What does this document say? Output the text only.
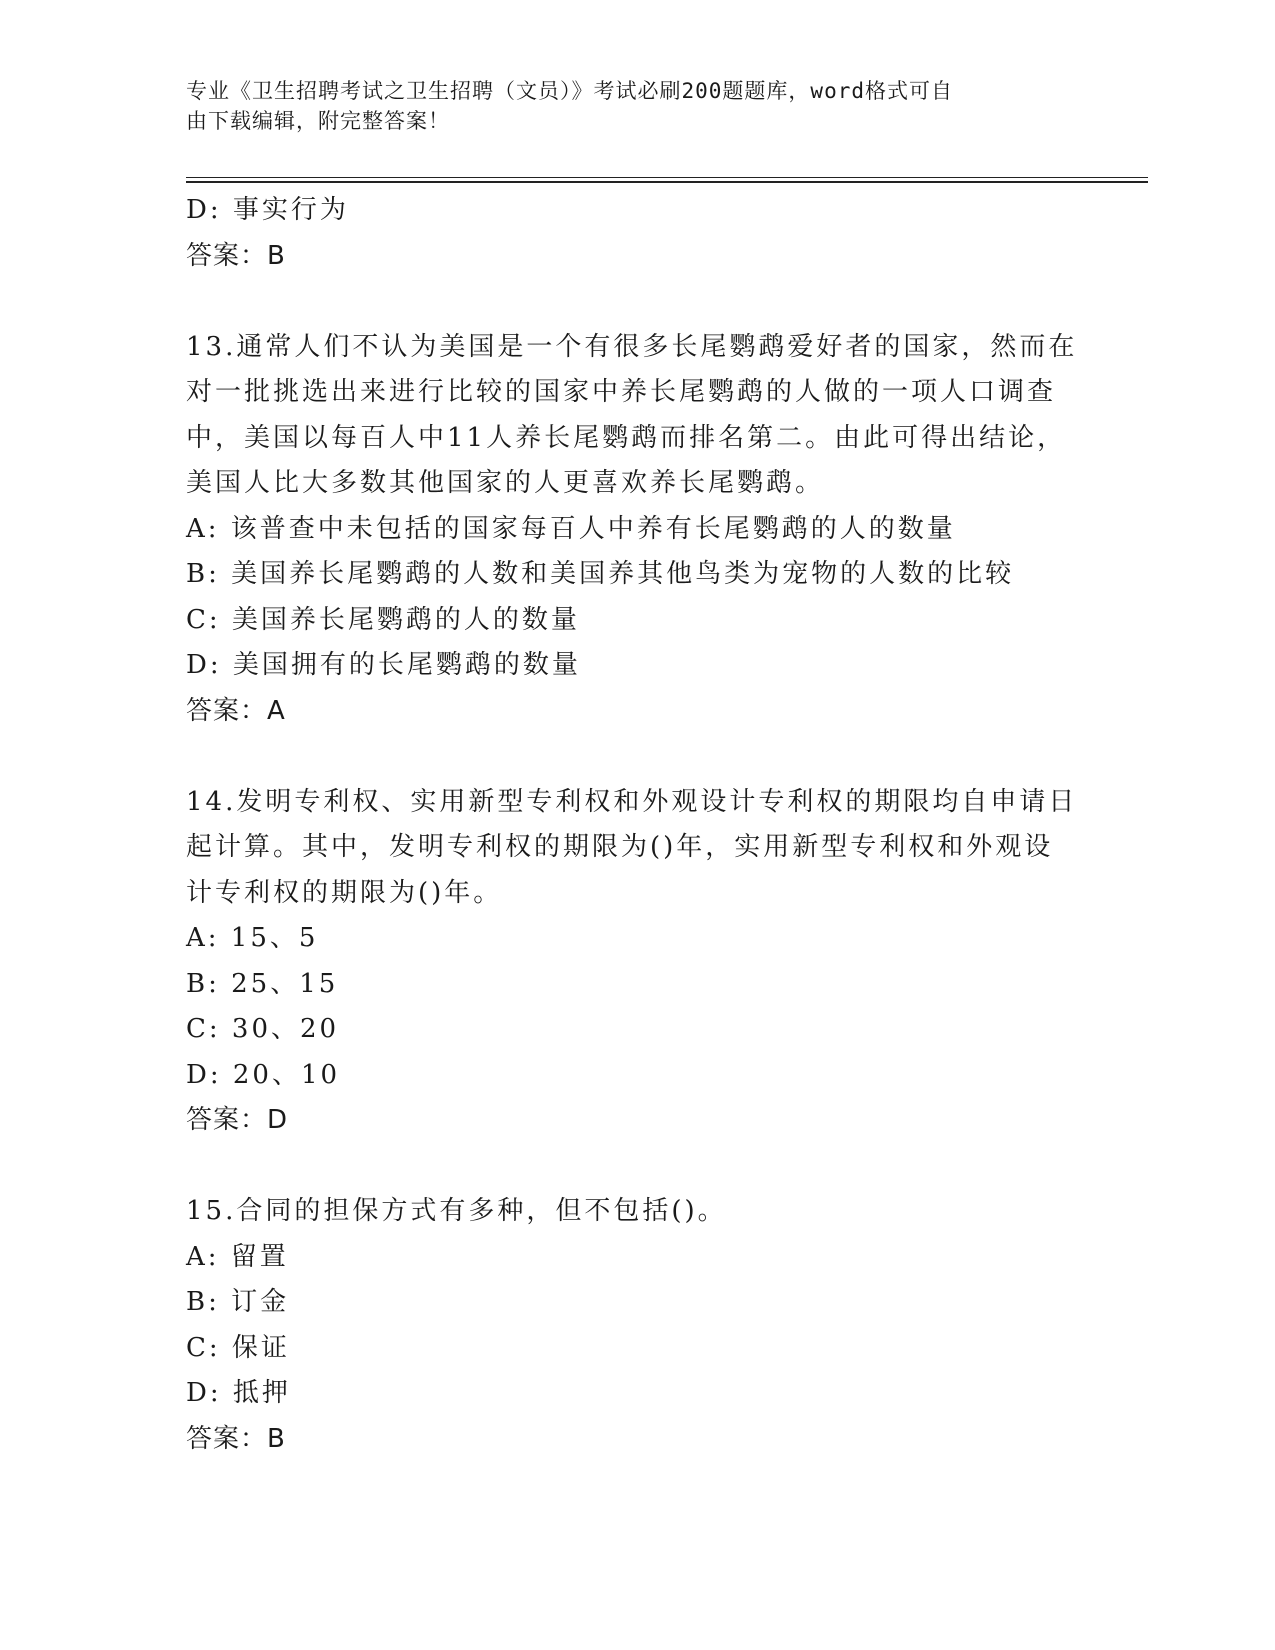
专业《卫生招聘考试之卫生招聘（文员）》考试必刷200题题库，word格式可自
由下载编辑，附完整答案！
D: 事实行为
答案：B
13.通常人们不认为美国是一个有很多长尾鹦鹉爱好者的国家，然而在
对一批挑选出来进行比较的国家中养长尾鹦鹉的人做的一项人口调查
中，美国以每百人中11人养长尾鹦鹉而排名第二。由此可得出结论，
美国人比大多数其他国家的人更喜欢养长尾鹦鹉。
A: 该普查中未包括的国家每百人中养有长尾鹦鹉的人的数量
B: 美国养长尾鹦鹉的人数和美国养其他鸟类为宠物的人数的比较
C: 美国养长尾鹦鹉的人的数量
D: 美国拥有的长尾鹦鹉的数量
答案：A
14.发明专利权、实用新型专利权和外观设计专利权的期限均自申请日
起计算。其中，发明专利权的期限为()年，实用新型专利权和外观设
计专利权的期限为()年。
A: 15、5
B: 25、15
C: 30、20
D: 20、10
答案：D
15.合同的担保方式有多种，但不包括()。
A: 留置
B: 订金
C: 保证
D: 抵押
答案：B
